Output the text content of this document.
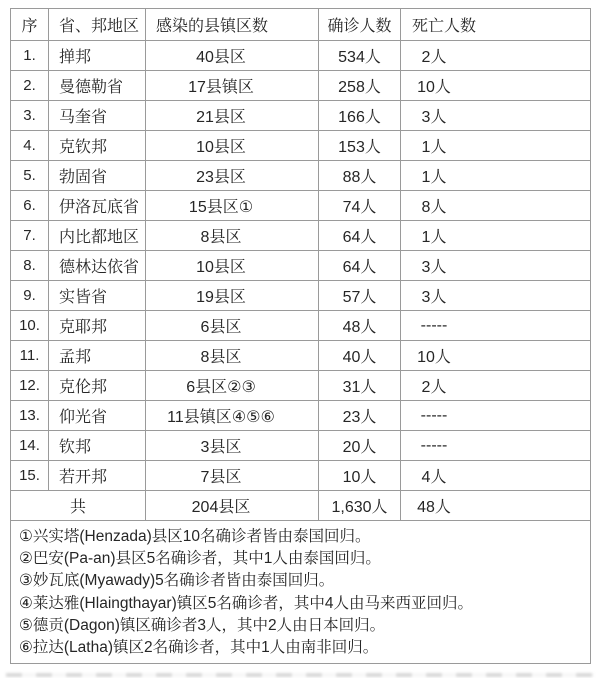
序	省、邦地区	感染的县镇区数	确诊人数	死亡人数
1.	掸邦	40县区	534人	2人
2.	曼德勒省	17县镇区	258人	10人
3.	马奎省	21县区	166人	3人
4.	克钦邦	10县区	153人	1人
5.	勃固省	23县区	88人	1人
6.	伊洛瓦底省	15县区①	74人	8人
7.	内比都地区	8县区	64人	1人
8.	德林达依省	10县区	64人	3人
9.	实皆省	19县区	57人	3人
10.	克耶邦	6县区	48人	-----
11.	孟邦	8县区	40人	10人
12.	克伦邦	6县区②③	31人	2人
13.	仰光省	11县镇区④⑤⑥	23人	-----
14.	钦邦	3县区	20人	-----
15.	若开邦	7县区	10人	4人
共		204县区	1,630人	48人

①兴实塔(Henzada)县区10名确诊者皆由泰国回归。
②巴安(Pa-an)县区5名确诊者，其中1人由泰国回归。
③妙瓦底(Myawady)5名确诊者皆由泰国回归。
④莱达雅(Hlaingthayar)镇区5名确诊者，其中4人由马来西亚回归。
⑤德贡(Dagon)镇区确诊者3人，其中2人由日本回归。
⑥拉达(Latha)镇区2名确诊者，其中1人由南非回归。
